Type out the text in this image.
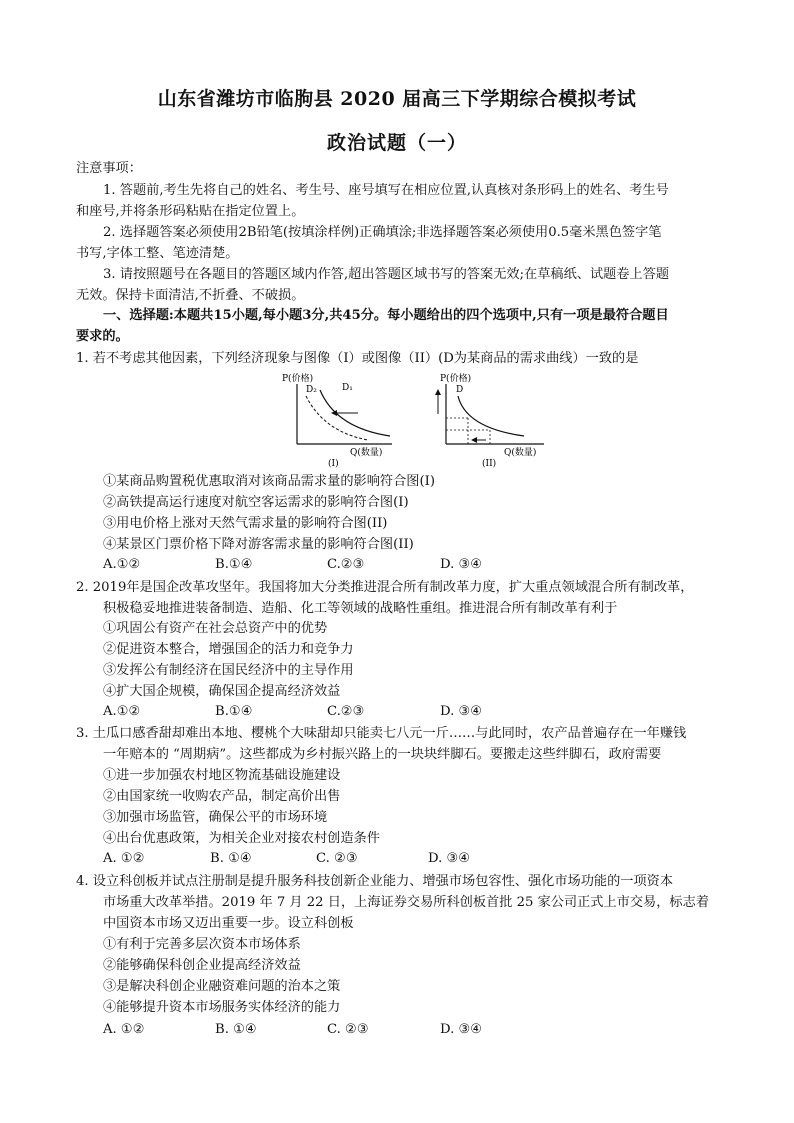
山东省潍坊市临朐县 2020 届高三下学期综合模拟考试
政治试题（一）
注意事项：
1. 答题前,考生先将自己的姓名、考生号、座号填写在相应位置,认真核对条形码上的姓名、考生号
和座号,并将条形码粘贴在指定位置上。
2. 选择题答案必须使用2B铅笔(按填涂样例)正确填涂;非选择题答案必须使用0.5毫米黑色签字笔
书写,字体工整、笔迹清楚。
3. 请按照题号在各题目的答题区域内作答,超出答题区域书写的答案无效;在草稿纸、试题卷上答题
无效。保持卡面清洁,不折叠、不破损。
一、选择题:本题共15小题,每小题3分,共45分。每小题给出的四个选项中,只有一项是最符合题目
要求的。
1. 若不考虑其他因素，下列经济现象与图像（I）或图像（II）(D为某商品的需求曲线）一致的是
P(价格)
D₂	D₁
Q(数量)
(I)
P(价格)
D
Q(数量)
(II)
①某商品购置税优惠取消对该商品需求量的影响符合图(I)
②高铁提高运行速度对航空客运需求的影响符合图(I)
③用电价格上涨对天然气需求量的影响符合图(II)
④某景区门票价格下降对游客需求量的影响符合图(II)
A.①②	B.①④	C.②③	D. ③④
2. 2019年是国企改革攻坚年。我国将加大分类推进混合所有制改革力度，扩大重点领域混合所有制改革，
积极稳妥地推进装备制造、造船、化工等领域的战略性重组。推进混合所有制改革有利于
①巩固公有资产在社会总资产中的优势
②促进资本整合，增强国企的活力和竞争力
③发挥公有制经济在国民经济中的主导作用
④扩大国企规模，确保国企提高经济效益
A.①②	B.①④	C.②③	D. ③④
3. 土瓜口感香甜却难出本地、樱桃个大味甜却只能卖七八元一斤……与此同时，农产品普遍存在一年赚钱
一年赔本的 “周期病”。这些都成为乡村振兴路上的一块块绊脚石。要搬走这些绊脚石，政府需要
①进一步加强农村地区物流基础设施建设
②由国家统一收购农产品，制定高价出售
③加强市场监管，确保公平的市场环境
④出台优惠政策，为相关企业对接农村创造条件
A. ①②	B. ①④	C. ②③	D. ③④
4. 设立科创板并试点注册制是提升服务科技创新企业能力、增强市场包容性、强化市场功能的一项资本
市场重大改革举措。2019 年 7 月 22 日，上海证券交易所科创板首批 25 家公司正式上市交易，标志着
中国资本市场又迈出重要一步。设立科创板
①有利于完善多层次资本市场体系
②能够确保科创企业提高经济效益
③是解决科创企业融资难问题的治本之策
④能够提升资本市场服务实体经济的能力
A. ①②	B. ①④	C. ②③	D. ③④
